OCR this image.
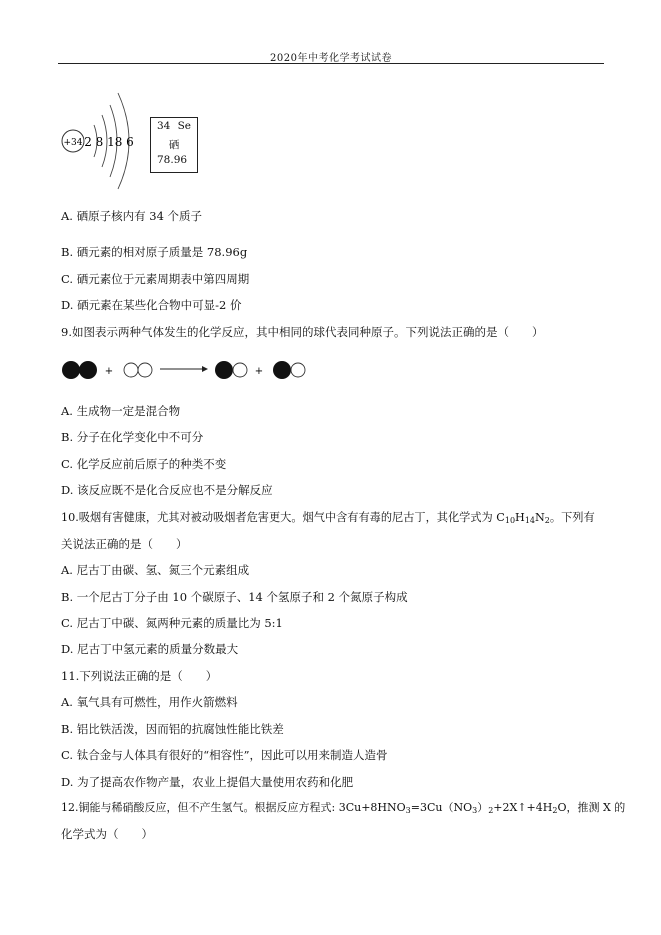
2020年中考化学考试试卷
+34 2 8 18 6
34 Se
硒
78.96
A. 硒原子核内有 34 个质子
B. 硒元素的相对原子质量是 78.96g
C. 硒元素位于元素周期表中第四周期
D. 硒元素在某些化合物中可显-2 价
9.如图表示两种气体发生的化学反应，其中相同的球代表同种原子。下列说法正确的是（　　）
+	+
A. 生成物一定是混合物
B. 分子在化学变化中不可分
C. 化学反应前后原子的种类不变
D. 该反应既不是化合反应也不是分解反应
10.吸烟有害健康，尤其对被动吸烟者危害更大。烟气中含有有毒的尼古丁，其化学式为 $C_{10}H_{14}N_2$。下列有
关说法正确的是（　　）
A. 尼古丁由碳、氢、氮三个元素组成
B. 一个尼古丁分子由 10 个碳原子、14 个氢原子和 2 个氮原子构成
C. 尼古丁中碳、氮两种元素的质量比为 5:1
D. 尼古丁中氢元素的质量分数最大
11.下列说法正确的是（　　）
A. 氧气具有可燃性，用作火箭燃料
B. 铝比铁活泼，因而铝的抗腐蚀性能比铁差
C. 钛合金与人体具有很好的“相容性”，因此可以用来制造人造骨
D. 为了提高农作物产量，农业上提倡大量使用农药和化肥
12.铜能与稀硝酸反应，但不产生氢气。根据反应方程式: $3Cu+8HNO_3=3Cu(NO_3)_2+2X↑+4H_2O$，推测 X 的
化学式为（　　）
